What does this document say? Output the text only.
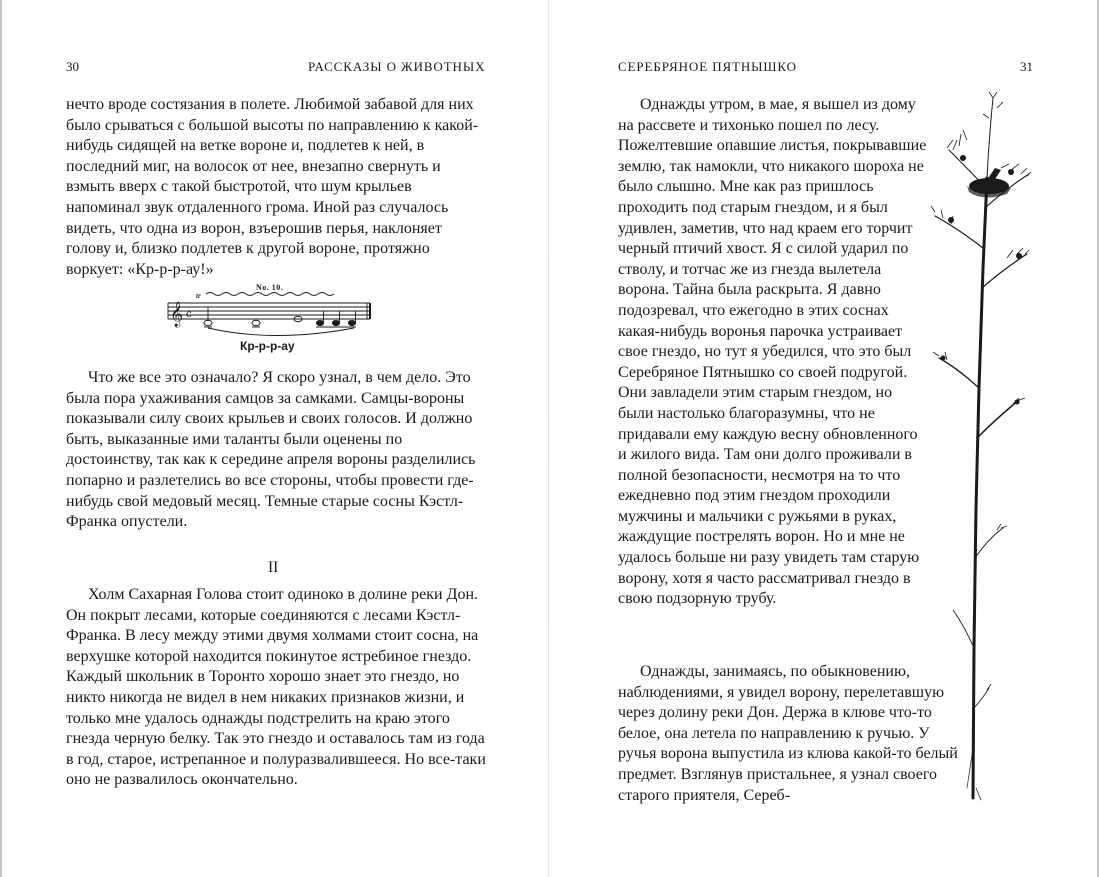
30	РАССКАЗЫ О ЖИВОТНЫХ

нечто вроде состязания в полете. Любимой забавой для них было срываться с большой высоты по направлению к какой-нибудь сидящей на ветке вороне и, подлетев к ней, в последний миг, на волосок от нее, внезапно свернуть и взмыть вверх с такой быстротой, что шум крыльев напоминал звук отдаленного грома. Иной раз случалось видеть, что одна из ворон, взъерошив перья, наклоняет голову и, близко подлетев к другой вороне, протяжно воркует: «Кр-р-р-ау!»

𝄞 c
tr
No. 10.
Кр-р-р-ау

Что же все это означало? Я скоро узнал, в чем дело. Это была пора ухаживания самцов за самками. Самцы-вороны показывали силу своих крыльев и своих голосов. И должно быть, выказанные ими таланты были оценены по достоинству, так как к середине апреля вороны разделились попарно и разлетелись во все стороны, чтобы провести где-нибудь свой медовый месяц. Темные старые сосны Кэстл-Франка опустели.

II

Холм Сахарная Голова стоит одиноко в долине реки Дон. Он покрыт лесами, которые соединяются с лесами Кэстл-Франка. В лесу между этими двумя холмами стоит сосна, на верхушке которой находится покинутое ястребиное гнездо. Каждый школьник в Торонто хорошо знает это гнездо, но никто никогда не видел в нем никаких признаков жизни, и только мне удалось однажды подстрелить на краю этого гнезда черную белку. Так это гнездо и оставалось там из года в год, старое, истрепанное и полуразвалившееся. Но все-таки оно не развалилось окончательно.

СЕРЕБРЯНОЕ ПЯТНЫШКО	31

Однажды утром, в мае, я вышел из дому на рассвете и тихонько пошел по лесу. Пожелтевшие опавшие листья, покрывавшие землю, так намокли, что никакого шороха не было слышно. Мне как раз пришлось проходить под старым гнездом, и я был удивлен, заметив, что над краем его торчит черный птичий хвост. Я с силой ударил по стволу, и тотчас же из гнезда вылетела ворона. Тайна была раскрыта. Я давно подозревал, что ежегодно в этих соснах какая-нибудь воронья парочка устраивает свое гнездо, но тут я убедился, что это был Серебряное Пятнышко со своей подругой. Они завладели этим старым гнездом, но были настолько благоразумны, что не придавали ему каждую весну обновленного и жилого вида. Там они долго проживали в полной безопасности, несмотря на то что ежедневно под этим гнездом проходили мужчины и мальчики с ружьями в руках, жаждущие пострелять ворон. Но и мне не удалось больше ни разу увидеть там старую ворону, хотя я часто рассматривал гнездо в свою подзорную трубу.

Однажды, занимаясь, по обыкновению, наблюдениями, я увидел ворону, перелетавшую через долину реки Дон. Держа в клюве что-то белое, она летела по направлению к ручью. У ручья ворона выпустила из клюва какой-то белый предмет. Взглянув пристальнее, я узнал своего старого приятеля, Сереб-
